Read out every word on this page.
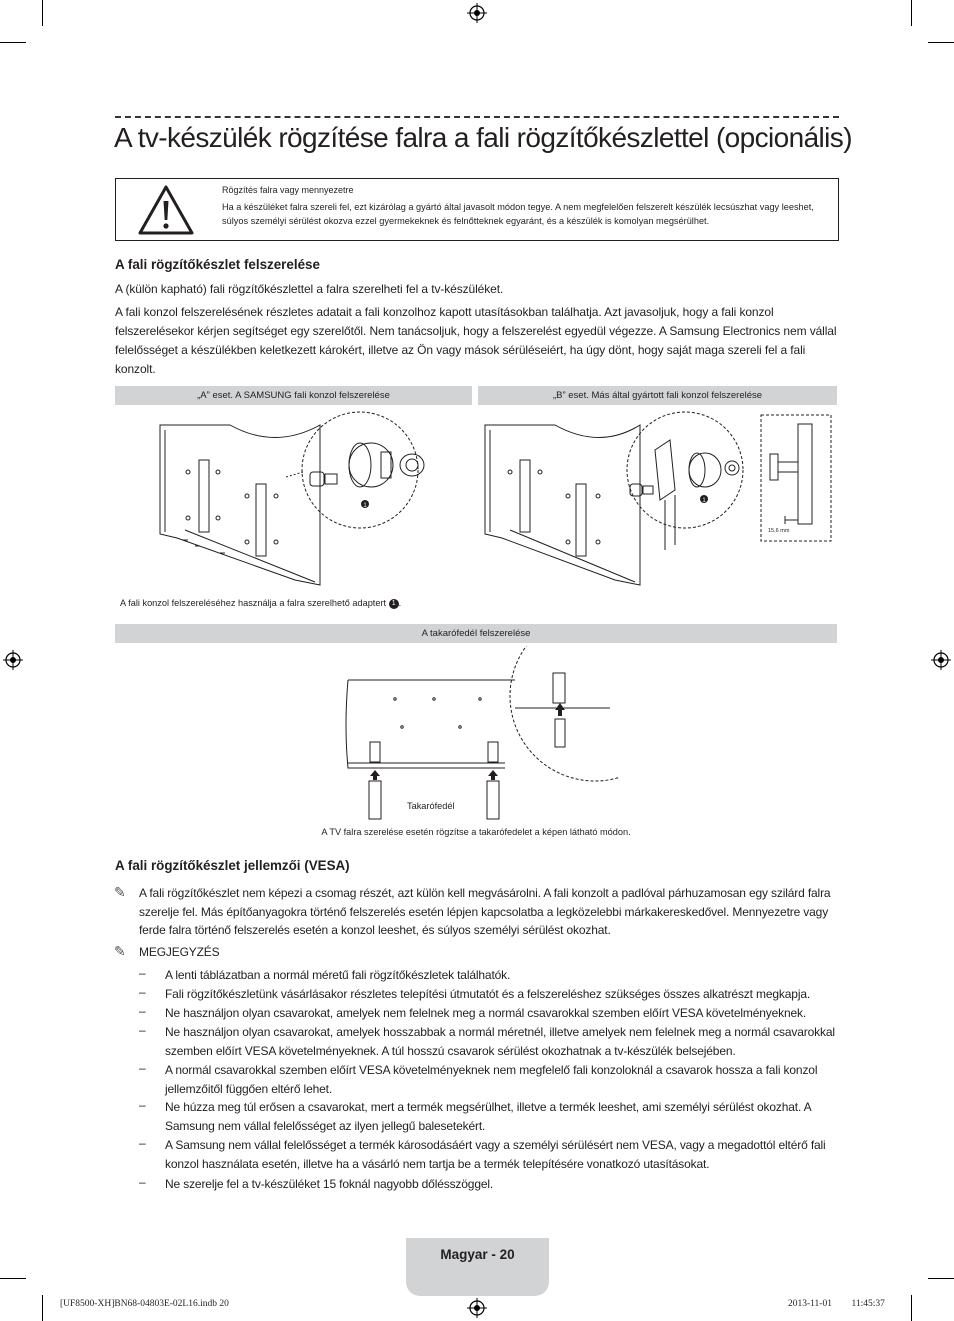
A tv-készülék rögzítése falra a fali rögzítőkészlettel (opcionális)
Rögzítés falra vagy mennyezetre
Ha a készüléket falra szereli fel, ezt kizárólag a gyártó által javasolt módon tegye. A nem megfelelően felszerelt készülék lecsúszhat vagy leeshet, súlyos személyi sérülést okozva ezzel gyermekeknek és felnőtteknek egyaránt, és a készülék is komolyan megsérülhet.
A fali rögzítőkészlet felszerelése

A (külön kapható) fali rögzítőkészlettel a falra szerelheti fel a tv-készüléket.

A fali konzol felszerelésének részletes adatait a fali konzolhoz kapott utasításokban találhatja. Azt javasoljuk, hogy a fali konzol felszerelésekor kérjen segítséget egy szerelőtől. Nem tanácsoljuk, hogy a felszerelést egyedül végezze. A Samsung Electronics nem vállal felelősséget a készülékben keletkezett károkért, illetve az Ön vagy mások sérüléseiért, ha úgy dönt, hogy saját maga szereli fel a fali konzolt.

„A” eset. A SAMSUNG fali konzol felszerelése	„B” eset. Más által gyártott fali konzol felszerelése
1
1
15,6 mm
A fali konzol felszereléséhez használja a falra szerelhető adaptert 1 .
A takarófedél felszerelése
Takarófedél
A TV falra szerelése esetén rögzítse a takarófedelet a képen látható módon.
A fali rögzítőkészlet jellemzői (VESA)
✎ A fali rögzítőkészlet nem képezi a csomag részét, azt külön kell megvásárolni. A fali konzolt a padlóval párhuzamosan egy szilárd falra szerelje fel. Más építőanyagokra történő felszerelés esetén lépjen kapcsolatba a legközelebbi márkakereskedővel. Mennyezetre vagy ferde falra történő felszerelés esetén a konzol leeshet, és súlyos személyi sérülést okozhat.

✎ MEGJEGYZÉS
– A lenti táblázatban a normál méretű fali rögzítőkészletek találhatók.
– Fali rögzítőkészletünk vásárlásakor részletes telepítési útmutatót és a felszereléshez szükséges összes alkatrészt megkapja.
– Ne használjon olyan csavarokat, amelyek nem felelnek meg a normál csavarokkal szemben előírt VESA követelményeknek.
– Ne használjon olyan csavarokat, amelyek hosszabbak a normál méretnél, illetve amelyek nem felelnek meg a normál csavarokkal szemben előírt VESA követelményeknek. A túl hosszú csavarok sérülést okozhatnak a tv-készülék belsejében.
– A normál csavarokkal szemben előírt VESA követelményeknek nem megfelelő fali konzoloknál a csavarok hossza a fali konzol jellemzőitől függően eltérő lehet.
– Ne húzza meg túl erősen a csavarokat, mert a termék megsérülhet, illetve a termék leeshet, ami személyi sérülést okozhat. A Samsung nem vállal felelősséget az ilyen jellegű balesetekért.
– A Samsung nem vállal felelősséget a termék károsodásáért vagy a személyi sérülésért nem VESA, vagy a megadottól eltérő fali konzol használata esetén, illetve ha a vásárló nem tartja be a termék telepítésére vonatkozó utasításokat.
– Ne szerelje fel a tv-készüléket 15 foknál nagyobb dőlésszöggel.
Magyar - 20
[UF8500-XH]BN68-04803E-02L16.indb 20	2013-11-01 ￿￿ 11:45:37
